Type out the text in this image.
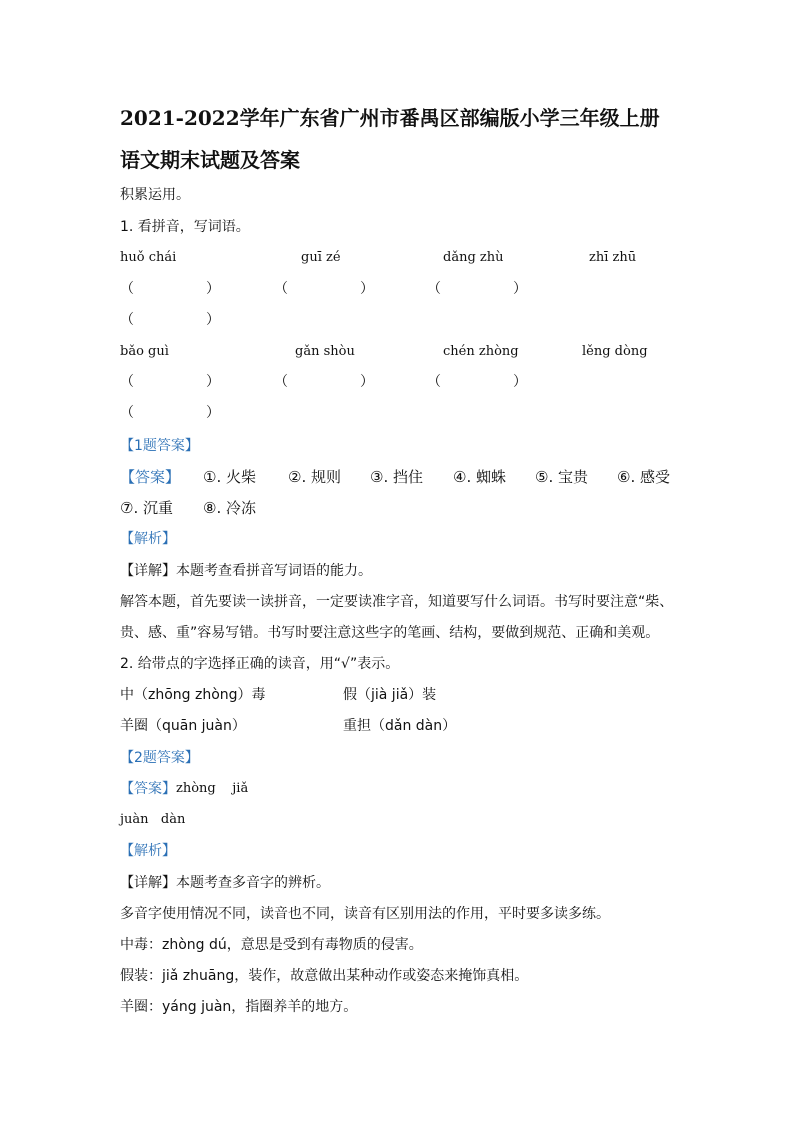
2021-2022学年广东省广州市番禺区部编版小学三年级上册
语文期末试题及答案
积累运用。
1. 看拼音，写词语。
huǒ chái	guī zé	dǎng zhù	zhī zhū
（	）	（	）	（	）
（	）
bǎo guì	gǎn shòu	chén zhòng	lěng dòng
（	）	（	）	（	）
（	）
【1题答案】
【答案】 ①. 火柴 ②. 规则 ③. 挡住 ④. 蜘蛛 ⑤. 宝贵 ⑥. 感受
⑦. 沉重 ⑧. 冷冻
【解析】
【详解】本题考查看拼音写词语的能力。
解答本题，首先要读一读拼音，一定要读准字音，知道要写什么词语。书写时要注意“柴、
贵、感、重”容易写错。书写时要注意这些字的笔画、结构，要做到规范、正确和美观。
2. 给带点的字选择正确的读音，用“√”表示。
中（zhōng zhòng）毒	假（jià jiǎ）装
羊圈（quān juàn）	重担（dǎn dàn）
【2题答案】
【答案】 zhòng    jiǎ
juàn   dàn
【解析】
【详解】本题考查多音字的辨析。
多音字使用情况不同，读音也不同，读音有区别用法的作用，平时要多读多练。
中毒：zhòng dú，意思是受到有毒物质的侵害。
假装：jiǎ zhuāng，装作，故意做出某种动作或姿态来掩饰真相。
羊圈：yáng juàn，指圈养羊的地方。
